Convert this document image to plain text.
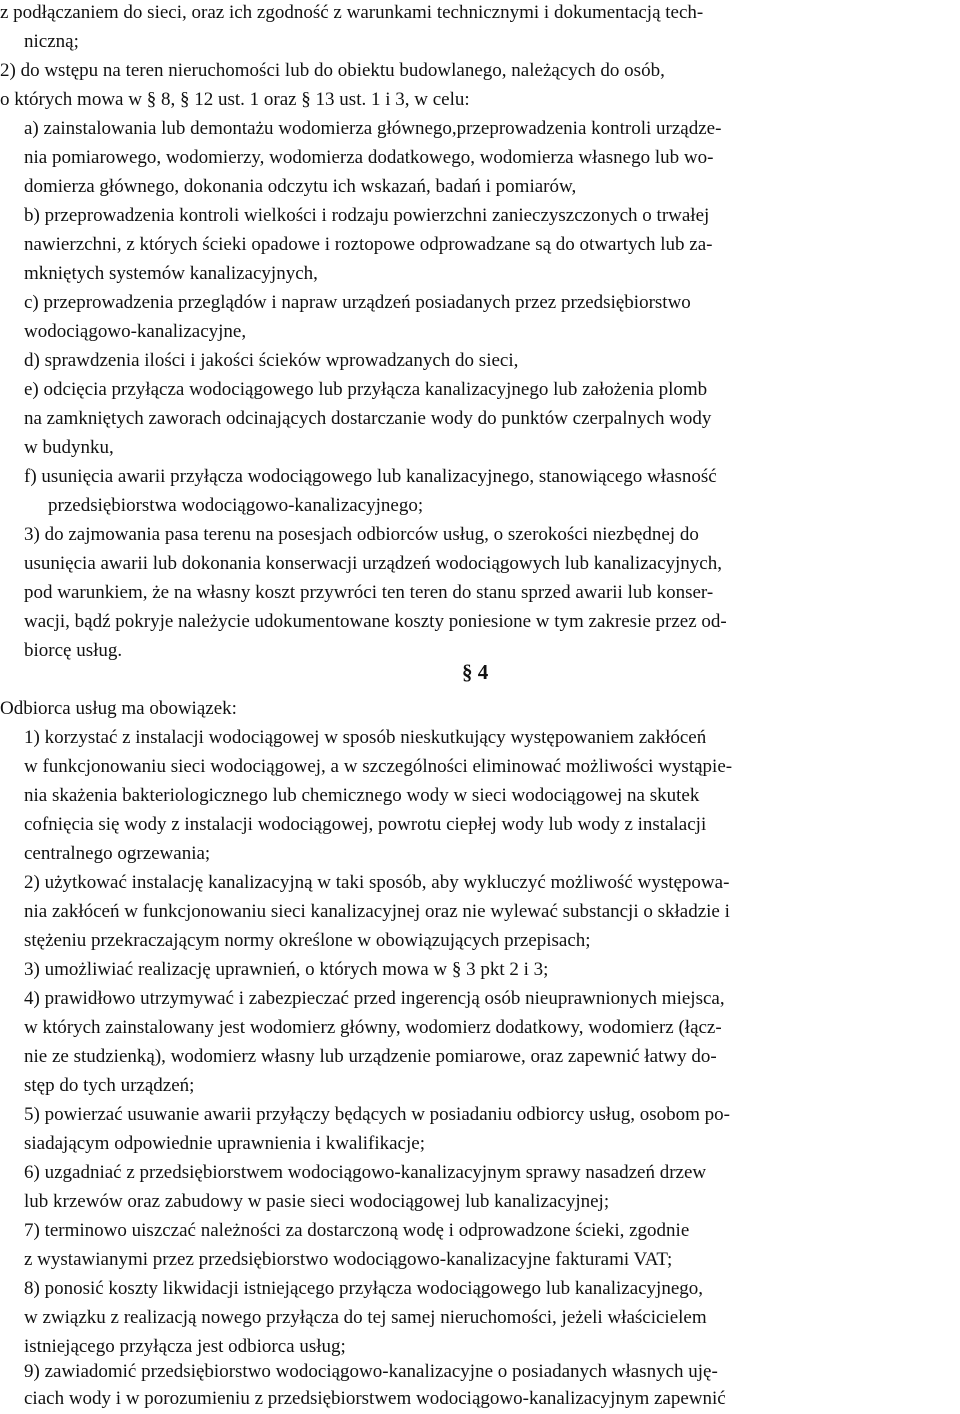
z podłączaniem do sieci, oraz ich zgodność z warunkami technicznymi i dokumentacją tech-
niczną;
2) do wstępu na teren nieruchomości lub do obiektu budowlanego, należących do osób,
o których mowa w § 8, § 12 ust. 1 oraz § 13 ust. 1 i 3, w celu:
a) zainstalowania lub demontażu wodomierza głównego,przeprowadzenia kontroli urządze-
nia pomiarowego, wodomierzy, wodomierza dodatkowego, wodomierza własnego lub wo-
domierza głównego, dokonania odczytu ich wskazań, badań i pomiarów,
b) przeprowadzenia kontroli wielkości i rodzaju powierzchni zanieczyszczonych o trwałej
nawierzchni, z których ścieki opadowe i roztopowe odprowadzane są do otwartych lub za-
mkniętych systemów kanalizacyjnych,
c) przeprowadzenia przeglądów i napraw urządzeń posiadanych przez przedsiębiorstwo
wodociągowo-kanalizacyjne,
d) sprawdzenia ilości i jakości ścieków wprowadzanych do sieci,
e) odcięcia przyłącza wodociągowego lub przyłącza kanalizacyjnego lub założenia plomb
na zamkniętych zaworach odcinających dostarczanie wody do punktów czerpalnych wody
w budynku,
f) usunięcia awarii przyłącza wodociągowego lub kanalizacyjnego, stanowiącego własność
przedsiębiorstwa wodociągowo-kanalizacyjnego;
3) do zajmowania pasa terenu na posesjach odbiorców usług, o szerokości niezbędnej do
usunięcia awarii lub dokonania konserwacji urządzeń wodociągowych lub kanalizacyjnych,
pod warunkiem, że na własny koszt przywróci ten teren do stanu sprzed awarii lub konser-
wacji, bądź pokryje należycie udokumentowane koszty poniesione w tym zakresie przez od-
biorcę usług.
§ 4
Odbiorca usług ma obowiązek:
1) korzystać z instalacji wodociągowej w sposób nieskutkujący występowaniem zakłóceń
w funkcjonowaniu sieci wodociągowej, a w szczególności eliminować możliwości wystąpie-
nia skażenia bakteriologicznego lub chemicznego wody w sieci wodociągowej na skutek
cofnięcia się wody z instalacji wodociągowej, powrotu ciepłej wody lub wody z instalacji
centralnego ogrzewania;
2) użytkować instalację kanalizacyjną w taki sposób, aby wykluczyć możliwość występowa-
nia zakłóceń w funkcjonowaniu sieci kanalizacyjnej oraz nie wylewać substancji o składzie i
stężeniu przekraczającym normy określone w obowiązujących przepisach;
3) umożliwiać realizację uprawnień, o których mowa w § 3 pkt 2 i 3;
4) prawidłowo utrzymywać i zabezpieczać przed ingerencją osób nieuprawnionych miejsca,
w których zainstalowany jest wodomierz główny, wodomierz dodatkowy, wodomierz (łącz-
nie ze studzienką), wodomierz własny lub urządzenie pomiarowe, oraz zapewnić łatwy do-
stęp do tych urządzeń;
5) powierzać usuwanie awarii przyłączy będących w posiadaniu odbiorcy usług, osobom po-
siadającym odpowiednie uprawnienia i kwalifikacje;
6) uzgadniać z przedsiębiorstwem wodociągowo-kanalizacyjnym sprawy nasadzeń drzew
lub krzewów oraz zabudowy w pasie sieci wodociągowej lub kanalizacyjnej;
7) terminowo uiszczać należności za dostarczoną wodę i odprowadzone ścieki, zgodnie
z wystawianymi przez przedsiębiorstwo wodociągowo-kanalizacyjne fakturami VAT;
8) ponosić koszty likwidacji istniejącego przyłącza wodociągowego lub kanalizacyjnego,
w związku z realizacją nowego przyłącza do tej samej nieruchomości, jeżeli właścicielem
istniejącego przyłącza jest odbiorca usług;
9) zawiadomić przedsiębiorstwo wodociągowo-kanalizacyjne o posiadanych własnych uję-
ciach wody i w porozumieniu z przedsiębiorstwem wodociągowo-kanalizacyjnym zapewnić
